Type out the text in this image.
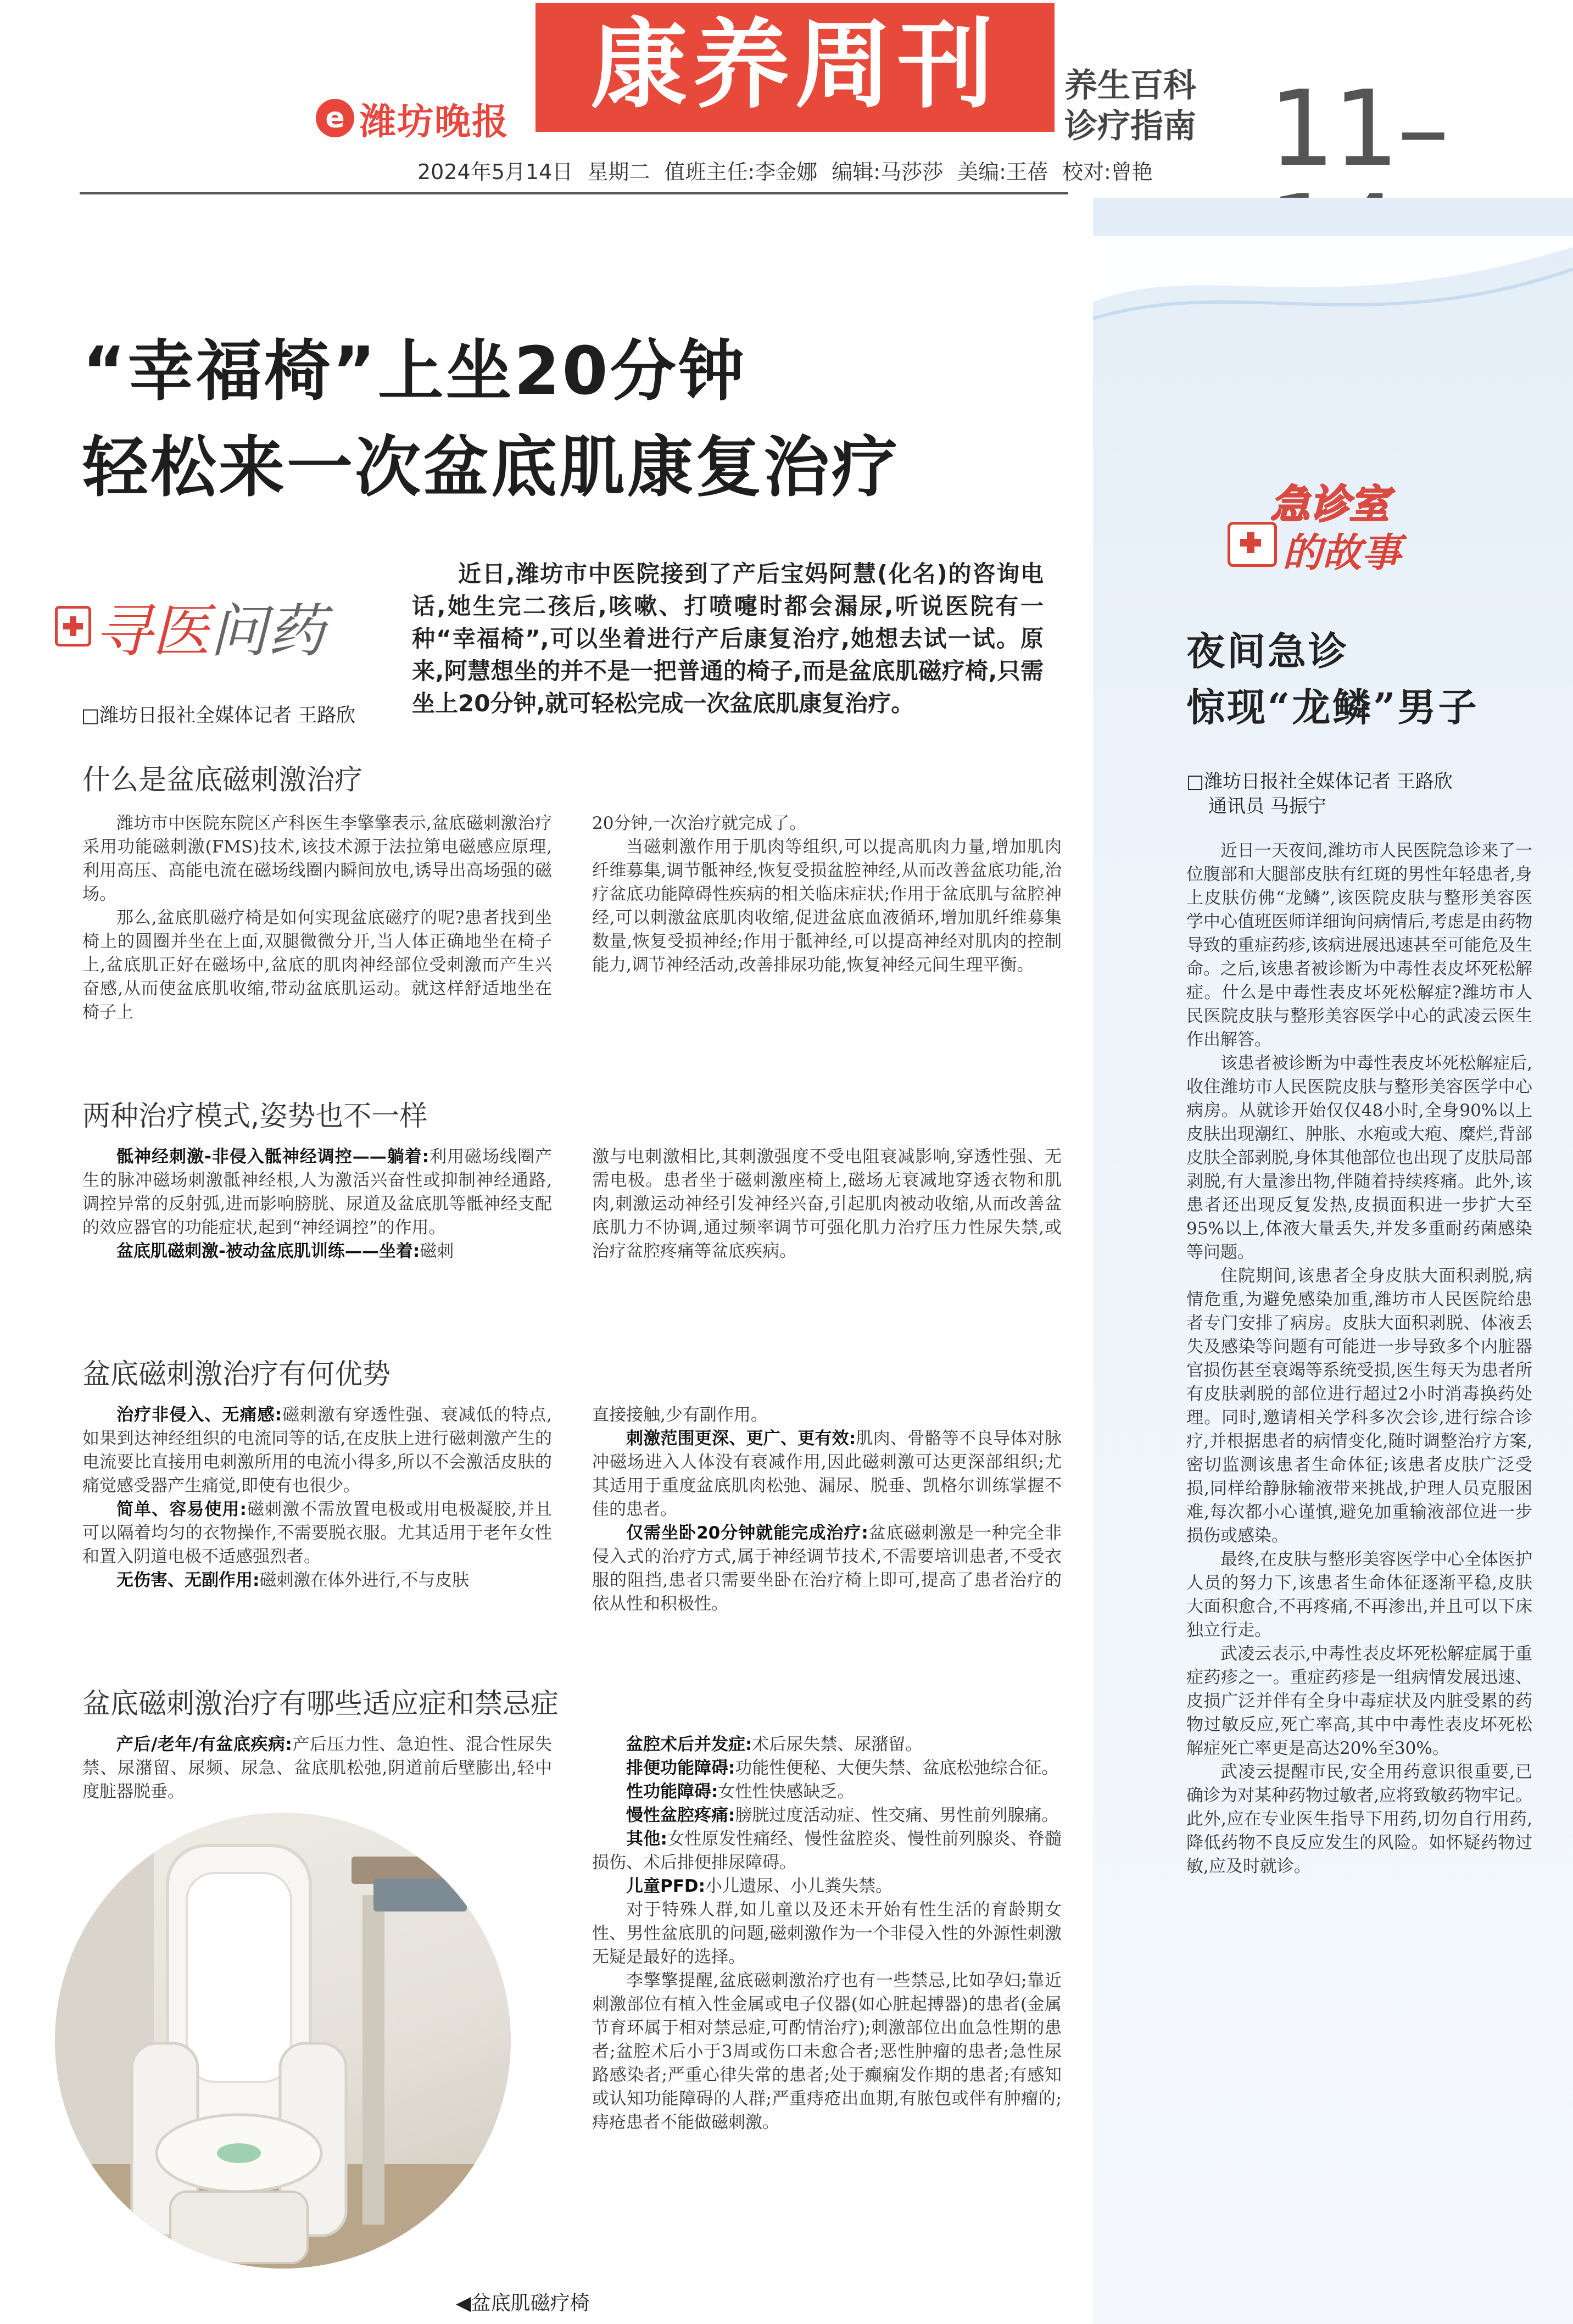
e 潍坊晚报 康养周刊	养生百科
诊疗指南 11–
2024年5月14日 星期二 值班主任:李金娜 编辑:马莎莎 美编:王蓓 校对:曾艳
“幸福椅”上坐20分钟
轻松来一次盆底肌康复治疗
寻医 问药
近日,潍坊市中医院接到了产后宝妈阿慧(化名)的咨询电话,她生完二孩后,咳嗽、打喷嚏时都会漏尿,听说医院有一种“幸福椅”,可以坐着进行产后康复治疗,她想去试一试。原来,阿慧想坐的并不是一把普通的椅子,而是盆底肌磁疗椅,只需坐上20分钟,就可轻松完成一次盆底肌康复治疗。
□潍坊日报社全媒体记者 王路欣
什么是盆底磁刺激治疗

潍坊市中医院东院区产科医生李擎擎表示,盆底磁刺激治疗采用功能磁刺激(FMS)技术,该技术源于法拉第电磁感应原理,利用高压、高能电流在磁场线圈内瞬间放电,诱导出高场强的磁场。

那么,盆底肌磁疗椅是如何实现盆底磁疗的呢?患者找到坐椅上的圆圈并坐在上面,双腿微微分开,当人体正确地坐在椅子上,盆底肌正好在磁场中,盆底的肌肉神经部位受刺激而产生兴奋感,从而使盆底肌收缩,带动盆底肌运动。就这样舒适地坐在椅子上

20分钟,一次治疗就完成了。

当磁刺激作用于肌肉等组织,可以提高肌肉力量,增加肌肉纤维募集,调节骶神经,恢复受损盆腔神经,从而改善盆底功能,治疗盆底功能障碍性疾病的相关临床症状;作用于盆底肌与盆腔神经,可以刺激盆底肌肉收缩,促进盆底血液循环,增加肌纤维募集数量,恢复受损神经;作用于骶神经,可以提高神经对肌肉的控制能力,调节神经活动,改善排尿功能,恢复神经元间生理平衡。

两种治疗模式,姿势也不一样

骶神经刺激-非侵入骶神经调控——躺着:利用磁场线圈产生的脉冲磁场刺激骶神经根,人为激活兴奋性或抑制神经通路,调控异常的反射弧,进而影响膀胱、尿道及盆底肌等骶神经支配的效应器官的功能症状,起到“神经调控”的作用。

盆底肌磁刺激-被动盆底肌训练——坐着:磁刺

激与电刺激相比,其刺激强度不受电阻衰减影响,穿透性强、无需电极。患者坐于磁刺激座椅上,磁场无衰减地穿透衣物和肌肉,刺激运动神经引发神经兴奋,引起肌肉被动收缩,从而改善盆底肌力不协调,通过频率调节可强化肌力治疗压力性尿失禁,或治疗盆腔疼痛等盆底疾病。

盆底磁刺激治疗有何优势

治疗非侵入、无痛感:磁刺激有穿透性强、衰减低的特点,如果到达神经组织的电流同等的话,在皮肤上进行磁刺激产生的电流要比直接用电刺激所用的电流小得多,所以不会激活皮肤的痛觉感受器产生痛觉,即使有也很少。

简单、容易使用:磁刺激不需放置电极或用电极凝胶,并且可以隔着均匀的衣物操作,不需要脱衣服。尤其适用于老年女性和置入阴道电极不适感强烈者。

无伤害、无副作用:磁刺激在体外进行,不与皮肤

直接接触,少有副作用。

刺激范围更深、更广、更有效:肌肉、骨骼等不良导体对脉冲磁场进入人体没有衰减作用,因此磁刺激可达更深部组织;尤其适用于重度盆底肌肉松弛、漏尿、脱垂、凯格尔训练掌握不佳的患者。

仅需坐卧20分钟就能完成治疗:盆底磁刺激是一种完全非侵入式的治疗方式,属于神经调节技术,不需要培训患者,不受衣服的阻挡,患者只需要坐卧在治疗椅上即可,提高了患者治疗的依从性和积极性。

盆底磁刺激治疗有哪些适应症和禁忌症

产后/老年/有盆底疾病:产后压力性、急迫性、混合性尿失禁、尿潴留、尿频、尿急、盆底肌松弛,阴道前后壁膨出,轻中度脏器脱垂。

盆腔术后并发症:术后尿失禁、尿潴留。

排便功能障碍:功能性便秘、大便失禁、盆底松弛综合征。

性功能障碍:女性性快感缺乏。

慢性盆腔疼痛:膀胱过度活动症、性交痛、男性前列腺痛。

其他:女性原发性痛经、慢性盆腔炎、慢性前列腺炎、脊髓损伤、术后排便排尿障碍。

儿童PFD:小儿遗尿、小儿粪失禁。

对于特殊人群,如儿童以及还未开始有性生活的育龄期女性、男性盆底肌的问题,磁刺激作为一个非侵入性的外源性刺激无疑是最好的选择。

李擎擎提醒,盆底磁刺激治疗也有一些禁忌,比如孕妇;靠近刺激部位有植入性金属或电子仪器(如心脏起搏器)的患者(金属节育环属于相对禁忌症,可酌情治疗);刺激部位出血急性期的患者;盆腔术后小于3周或伤口未愈合者;恶性肿瘤的患者;急性尿路感染者;严重心律失常的患者;处于癫痫发作期的患者;有感知或认知功能障碍的人群;严重痔疮出血期,有脓包或伴有肿瘤的;痔疮患者不能做磁刺激。

◀盆底肌磁疗椅
急诊室
的故事
夜间急诊
惊现“龙鳞”男子
□潍坊日报社全媒体记者 王路欣
通讯员 马振宁

近日一天夜间,潍坊市人民医院急诊来了一位腹部和大腿部皮肤有红斑的男性年轻患者,身上皮肤仿佛“龙鳞”,该医院皮肤与整形美容医学中心值班医师详细询问病情后,考虑是由药物导致的重症药疹,该病进展迅速甚至可能危及生命。之后,该患者被诊断为中毒性表皮坏死松解症。什么是中毒性表皮坏死松解症?潍坊市人民医院皮肤与整形美容医学中心的武凌云医生作出解答。

该患者被诊断为中毒性表皮坏死松解症后,收住潍坊市人民医院皮肤与整形美容医学中心病房。从就诊开始仅仅48小时,全身90%以上皮肤出现潮红、肿胀、水疱或大疱、糜烂,背部皮肤全部剥脱,身体其他部位也出现了皮肤局部剥脱,有大量渗出物,伴随着持续疼痛。此外,该患者还出现反复发热,皮损面积进一步扩大至95%以上,体液大量丢失,并发多重耐药菌感染等问题。

住院期间,该患者全身皮肤大面积剥脱,病情危重,为避免感染加重,潍坊市人民医院给患者专门安排了病房。皮肤大面积剥脱、体液丢失及感染等问题有可能进一步导致多个内脏器官损伤甚至衰竭等系统受损,医生每天为患者所有皮肤剥脱的部位进行超过2小时消毒换药处理。同时,邀请相关学科多次会诊,进行综合诊疗,并根据患者的病情变化,随时调整治疗方案,密切监测该患者生命体征;该患者皮肤广泛受损,同样给静脉输液带来挑战,护理人员克服困难,每次都小心谨慎,避免加重输液部位进一步损伤或感染。

最终,在皮肤与整形美容医学中心全体医护人员的努力下,该患者生命体征逐渐平稳,皮肤大面积愈合,不再疼痛,不再渗出,并且可以下床独立行走。

武凌云表示,中毒性表皮坏死松解症属于重症药疹之一。重症药疹是一组病情发展迅速、皮损广泛并伴有全身中毒症状及内脏受累的药物过敏反应,死亡率高,其中中毒性表皮坏死松解症死亡率更是高达20%至30%。

武凌云提醒市民,安全用药意识很重要,已确诊为对某种药物过敏者,应将致敏药物牢记。此外,应在专业医生指导下用药,切勿自行用药,降低药物不良反应发生的风险。如怀疑药物过敏,应及时就诊。
